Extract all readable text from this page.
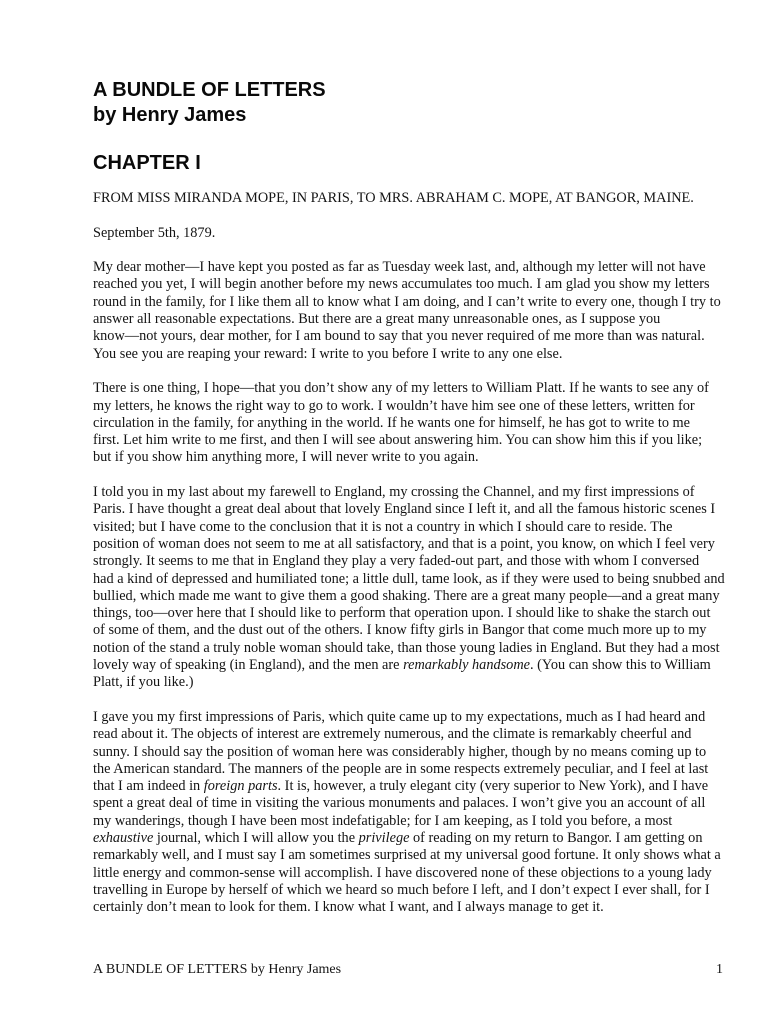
A BUNDLE OF LETTERS
by Henry James
CHAPTER I

FROM MISS MIRANDA MOPE, IN PARIS, TO MRS. ABRAHAM C. MOPE, AT BANGOR, MAINE.

September 5th, 1879.

My dear mother—I have kept you posted as far as Tuesday week last, and, although my letter will not have
reached you yet, I will begin another before my news accumulates too much. I am glad you show my letters
round in the family, for I like them all to know what I am doing, and I can’t write to every one, though I try to
answer all reasonable expectations. But there are a great many unreasonable ones, as I suppose you
know—not yours, dear mother, for I am bound to say that you never required of me more than was natural.
You see you are reaping your reward: I write to you before I write to any one else.

There is one thing, I hope—that you don’t show any of my letters to William Platt. If he wants to see any of
my letters, he knows the right way to go to work. I wouldn’t have him see one of these letters, written for
circulation in the family, for anything in the world. If he wants one for himself, he has got to write to me
first. Let him write to me first, and then I will see about answering him. You can show him this if you like;
but if you show him anything more, I will never write to you again.

I told you in my last about my farewell to England, my crossing the Channel, and my first impressions of
Paris. I have thought a great deal about that lovely England since I left it, and all the famous historic scenes I
visited; but I have come to the conclusion that it is not a country in which I should care to reside. The
position of woman does not seem to me at all satisfactory, and that is a point, you know, on which I feel very
strongly. It seems to me that in England they play a very faded-out part, and those with whom I conversed
had a kind of depressed and humiliated tone; a little dull, tame look, as if they were used to being snubbed and
bullied, which made me want to give them a good shaking. There are a great many people—and a great many
things, too—over here that I should like to perform that operation upon. I should like to shake the starch out
of some of them, and the dust out of the others. I know fifty girls in Bangor that come much more up to my
notion of the stand a truly noble woman should take, than those young ladies in England. But they had a most
lovely way of speaking (in England), and the men are remarkably handsome. (You can show this to William
Platt, if you like.)

I gave you my first impressions of Paris, which quite came up to my expectations, much as I had heard and
read about it. The objects of interest are extremely numerous, and the climate is remarkably cheerful and
sunny. I should say the position of woman here was considerably higher, though by no means coming up to
the American standard. The manners of the people are in some respects extremely peculiar, and I feel at last
that I am indeed in foreign parts. It is, however, a truly elegant city (very superior to New York), and I have
spent a great deal of time in visiting the various monuments and palaces. I won’t give you an account of all
my wanderings, though I have been most indefatigable; for I am keeping, as I told you before, a most
exhaustive journal, which I will allow you the privilege of reading on my return to Bangor. I am getting on
remarkably well, and I must say I am sometimes surprised at my universal good fortune. It only shows what a
little energy and common-sense will accomplish. I have discovered none of these objections to a young lady
travelling in Europe by herself of which we heard so much before I left, and I don’t expect I ever shall, for I
certainly don’t mean to look for them. I know what I want, and I always manage to get it.

A BUNDLE OF LETTERS by Henry James	1
